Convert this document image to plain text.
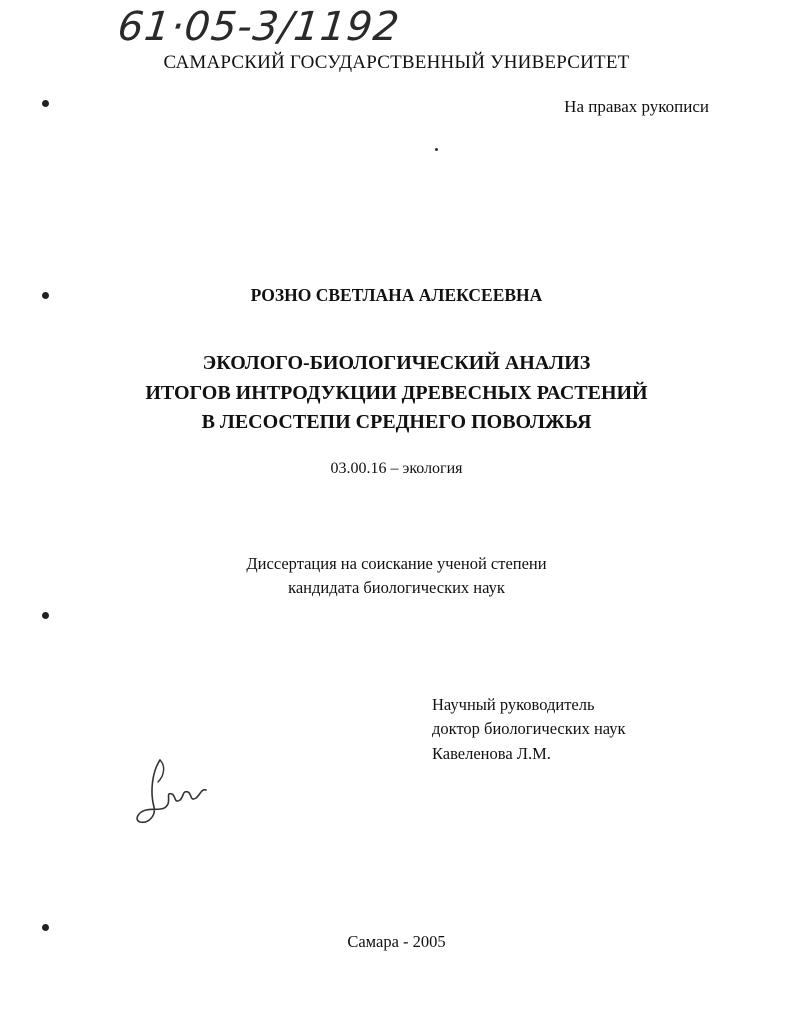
61·05-3/1192
САМАРСКИЙ ГОСУДАРСТВЕННЫЙ УНИВЕРСИТЕТ
На правах рукописи
РОЗНО СВЕТЛАНА АЛЕКСЕЕВНА
ЭКОЛОГО-БИОЛОГИЧЕСКИЙ АНАЛИЗ
ИТОГОВ ИНТРОДУКЦИИ ДРЕВЕСНЫХ РАСТЕНИЙ
В ЛЕСОСТЕПИ СРЕДНЕГО ПОВОЛЖЬЯ
03.00.16 – экология
Диссертация на соискание ученой степени
кандидата биологических наук
Научный руководитель
доктор биологических наук
Кавеленова Л.М.
Самара - 2005
